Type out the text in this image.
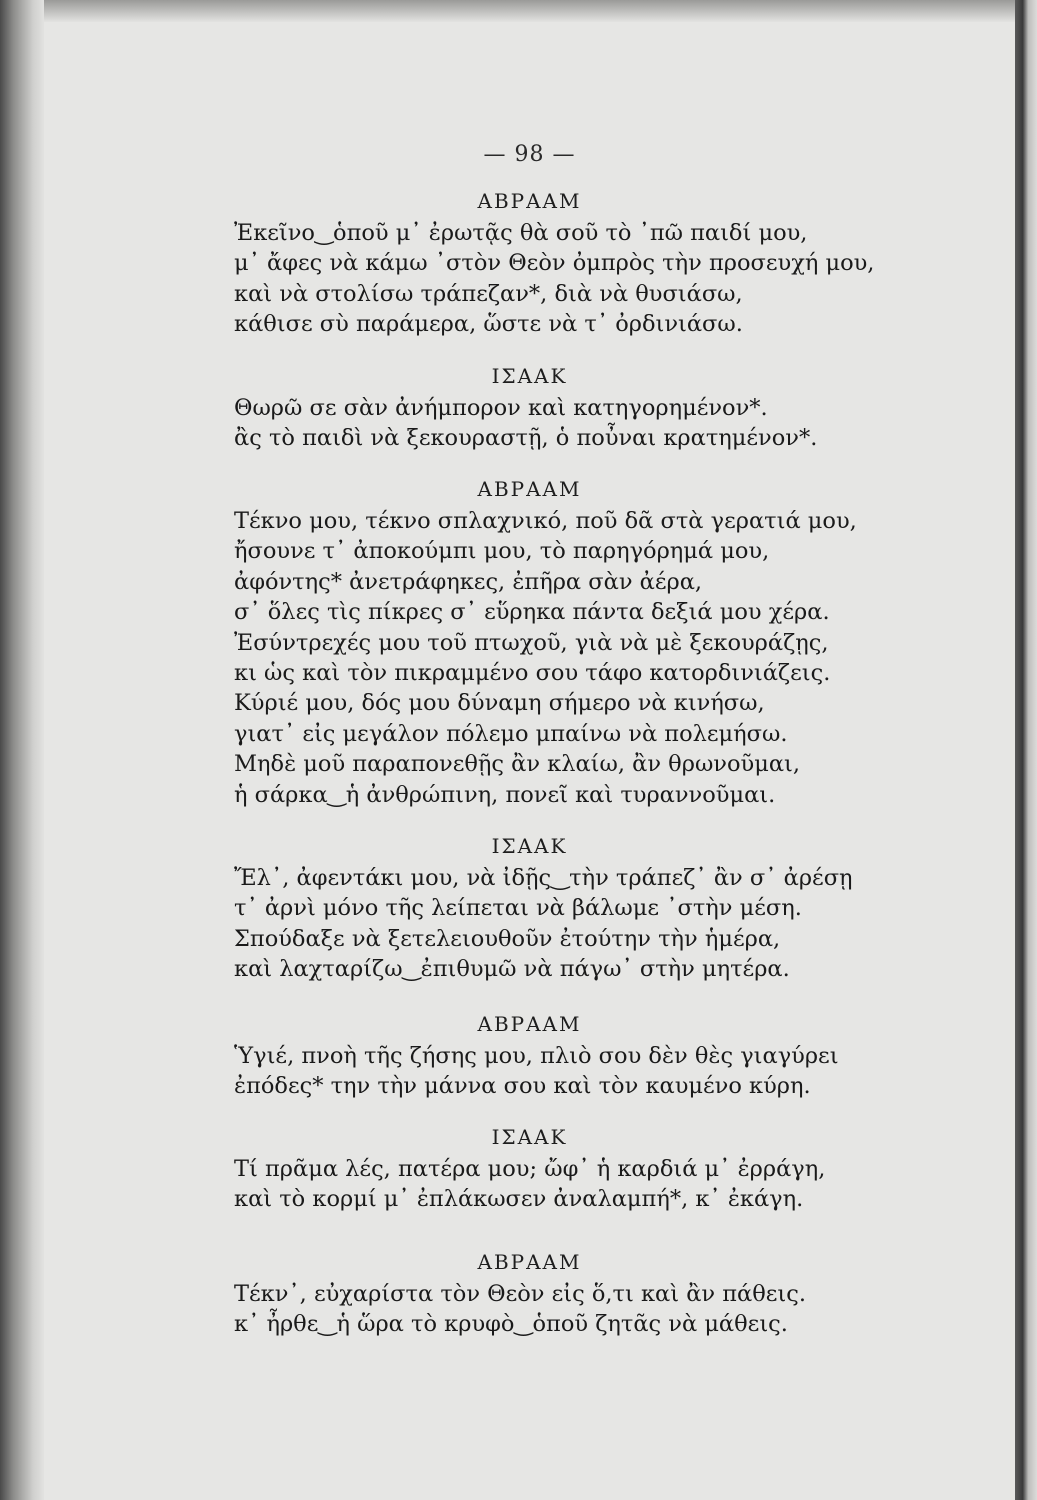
— 98 —
ΑΒΡΑΑΜ
Ἐκεῖνο‿ὁποῦ μ᾽ ἐρωτᾷς θὰ σοῦ τὸ ᾽πῶ παιδί μου,
μ᾽ ἄφες νὰ κάμω ᾽στὸν Θεὸν ὀμπρὸς τὴν προσευχή μου,
καὶ νὰ στολίσω τράπεζαν*, διὰ νὰ θυσιάσω,
κάθισε σὺ παράμερα, ὥστε νὰ τ᾽ ὀρδινιάσω.
ΙΣΑΑΚ
Θωρῶ σε σὰν ἀνήμπορον καὶ κατηγορημένον*.
ἂς τὸ παιδὶ νὰ ξεκουραστῇ, ὁ ποὖναι κρατημένον*.
ΑΒΡΑΑΜ
Τέκνο μου, τέκνο σπλαχνικό, ποῦ δᾶ στὰ γερατιά μου,
ἤσουνε τ᾽ ἀποκούμπι μου, τὸ παρηγόρημά μου,
ἀφόντης* ἀνετράφηκες, ἐπῆρα σὰν ἀέρα,
σ᾽ ὅλες τὶς πίκρες σ᾽ εὕρηκα πάντα δεξιά μου χέρα.
Ἐσύντρεχές μου τοῦ πτωχοῦ, γιὰ νὰ μὲ ξεκουράζῃς,
κι ὡς καὶ τὸν πικραμμένο σου τάφο κατορδινιάζεις.
Κύριέ μου, δός μου δύναμη σήμερο νὰ κινήσω,
γιατ᾽ εἰς μεγάλον πόλεμο μπαίνω νὰ πολεμήσω.
Μηδὲ μοῦ παραπονεθῇς ἂν κλαίω, ἂν θρωνοῦμαι,
ἡ σάρκα‿ἡ ἀνθρώπινη, πονεῖ καὶ τυραννοῦμαι.
ΙΣΑΑΚ
Ἔλ᾽, ἀφεντάκι μου, νὰ ἰδῇς‿τὴν τράπεζ᾽ ἂν σ᾽ ἀρέσῃ
τ᾽ ἀρνὶ μόνο τῆς λείπεται νὰ βάλωμε ᾽στὴν μέση.
Σπούδαξε νὰ ξετελειουθοῦν ἐτούτην τὴν ἡμέρα,
καὶ λαχταρίζω‿ἐπιθυμῶ νὰ πάγω᾽ στὴν μητέρα.
ΑΒΡΑΑΜ
Ὑγιέ, πνοὴ τῆς ζήσης μου, πλιὸ σου δὲν θὲς γιαγύρει
ἐπόδες* την τὴν μάννα σου καὶ τὸν καυμένο κύρη.
ΙΣΑΑΚ
Τί πρᾶμα λές, πατέρα μου; ὤφ᾽ ἡ καρδιά μ᾽ ἐρράγη,
καὶ τὸ κορμί μ᾽ ἐπλάκωσεν ἀναλαμπή*, κ᾽ ἐκάγη.
ΑΒΡΑΑΜ
Τέκν᾽, εὐχαρίστα τὸν Θεὸν εἰς ὅ,τι καὶ ἂν πάθεις.
κ᾽ ἦρθε‿ἡ ὥρα τὸ κρυφὸ‿ὁποῦ ζητᾶς νὰ μάθεις.
